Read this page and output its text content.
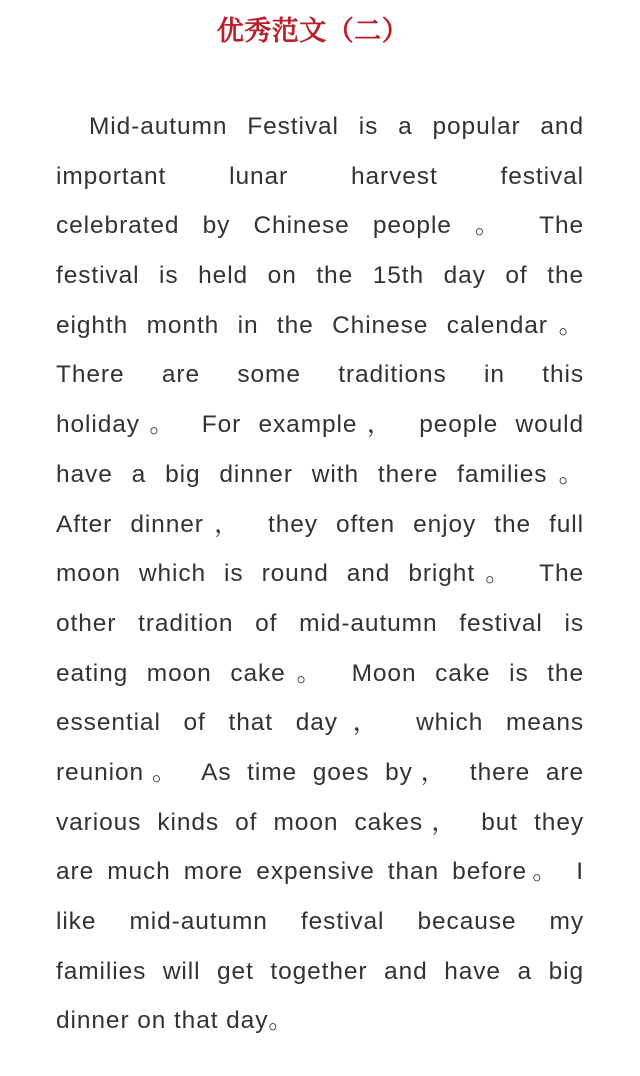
优秀范文（二）
Mid-autumn Festival is a popular and
important lunar harvest festival
celebrated by Chinese people 。 The
festival is held on the 15th day of the
eighth month in the Chinese calendar。
There are some traditions in this
holiday。 For example， people would
have a big dinner with there families。
After dinner， they often enjoy the full
moon which is round and bright。 The
other tradition of mid-autumn festival is
eating moon cake。 Moon cake is the
essential of that day， which means
reunion。 As time goes by， there are
various kinds of moon cakes， but they
are much more expensive than before。 I
like mid-autumn festival because my
families will get together and have a big
dinner on that day。
